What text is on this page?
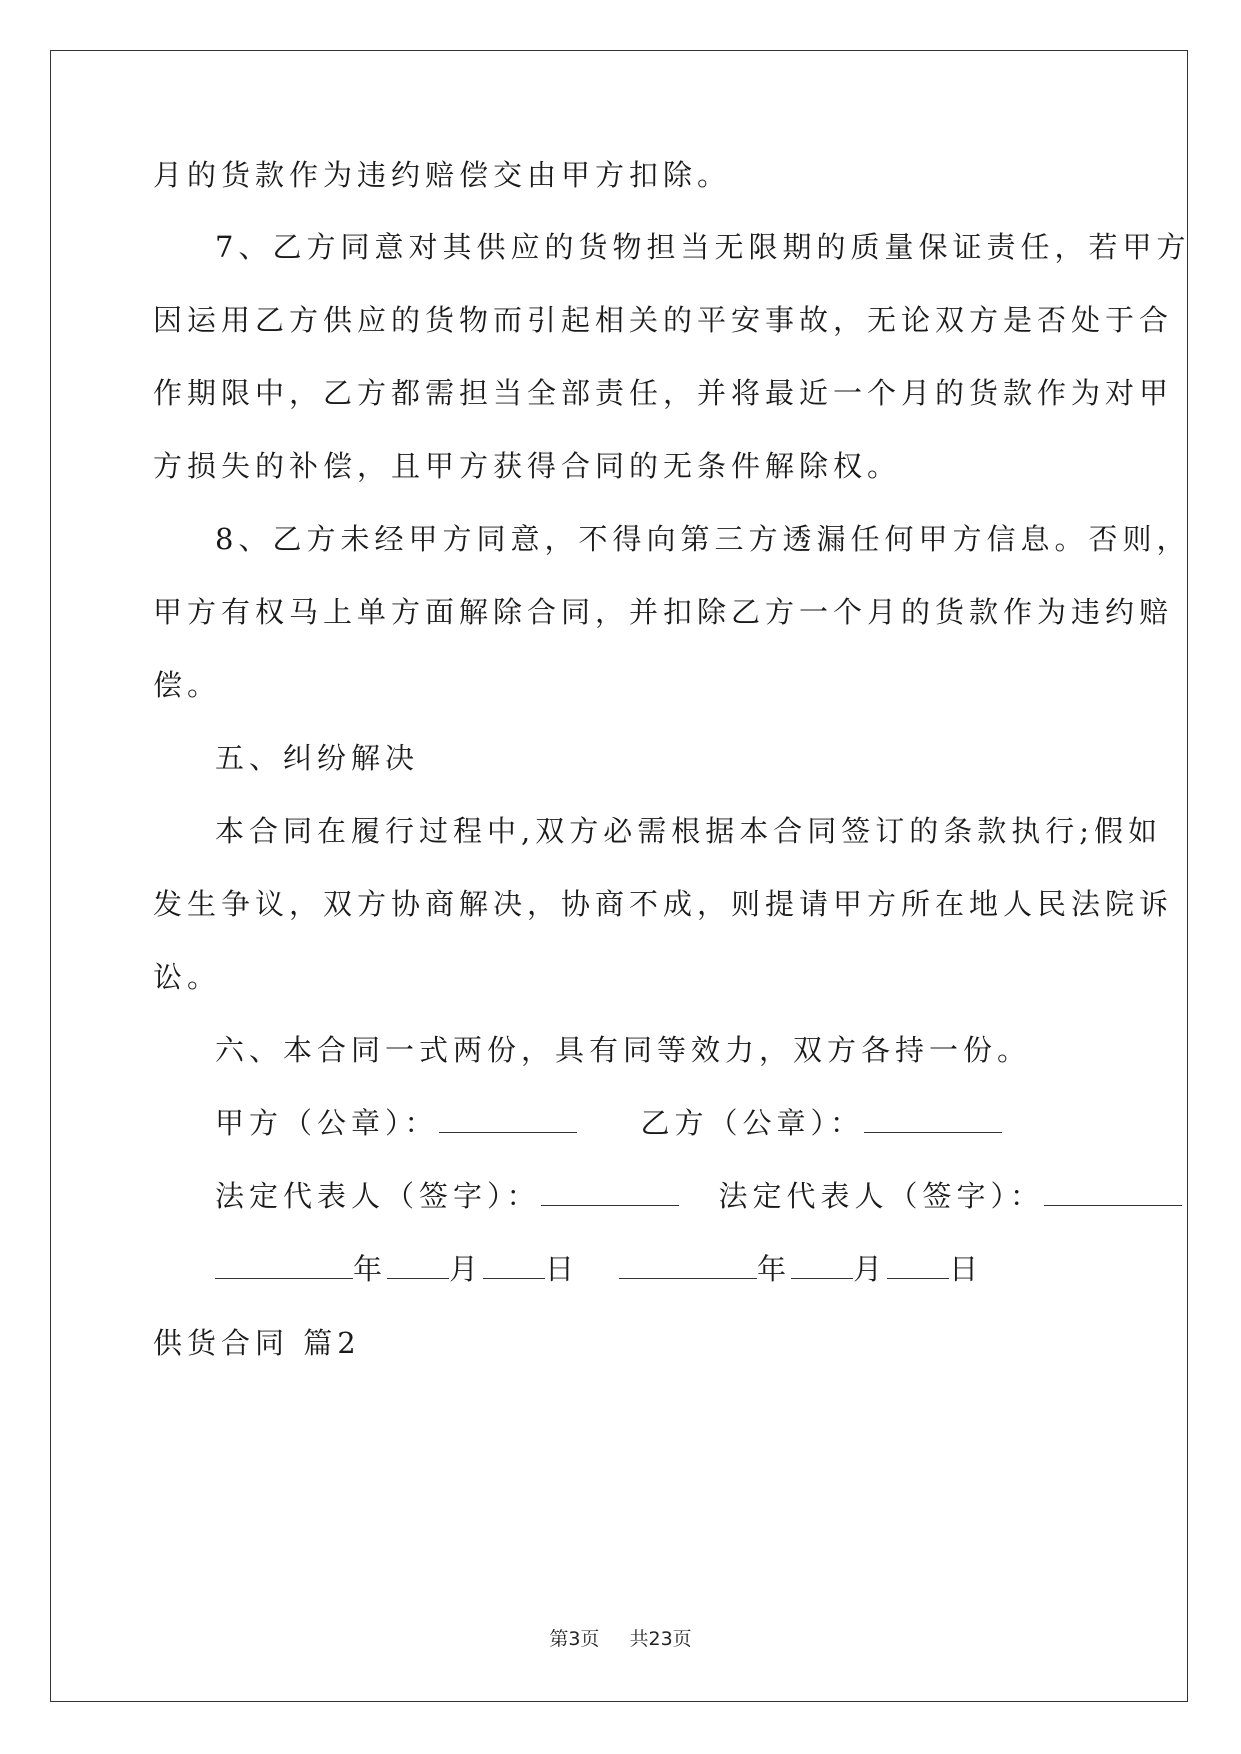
月的货款作为违约赔偿交由甲方扣除。
7、乙方同意对其供应的货物担当无限期的质量保证责任，若甲方
因运用乙方供应的货物而引起相关的平安事故，无论双方是否处于合
作期限中，乙方都需担当全部责任，并将最近一个月的货款作为对甲
方损失的补偿，且甲方获得合同的无条件解除权。
8、乙方未经甲方同意，不得向第三方透漏任何甲方信息。否则，
甲方有权马上单方面解除合同，并扣除乙方一个月的货款作为违约赔
偿。
五、纠纷解决
本合同在履行过程中,双方必需根据本合同签订的条款执行;假如
发生争议，双方协商解决，协商不成，则提请甲方所在地人民法院诉
讼。
六、本合同一式两份，具有同等效力，双方各持一份。
甲方（公章）：	乙方（公章）：
法定代表人（签字）：	法定代表人（签字）：
年 月 日	年 月 日
供货合同 篇2
第3页 共23页
